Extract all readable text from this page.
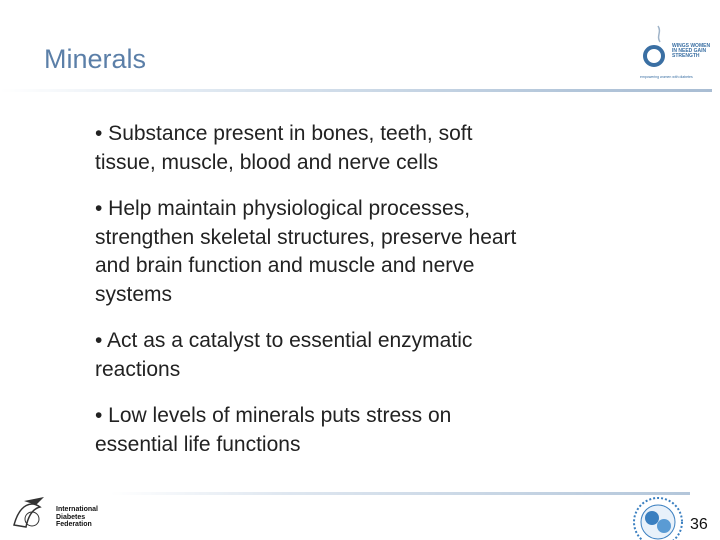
Minerals	WINGS WOMEN IN NEED GAIN STRENGTH
empowering women with diabetes
• Substance present in bones, teeth, soft
tissue, muscle, blood and nerve cells
• Help maintain physiological processes,
strengthen skeletal structures, preserve heart
and brain function and muscle and nerve
systems
• Act as a catalyst to essential enzymatic
reactions
• Low levels of minerals puts stress on
essential life functions
International Diabetes Federation	36
